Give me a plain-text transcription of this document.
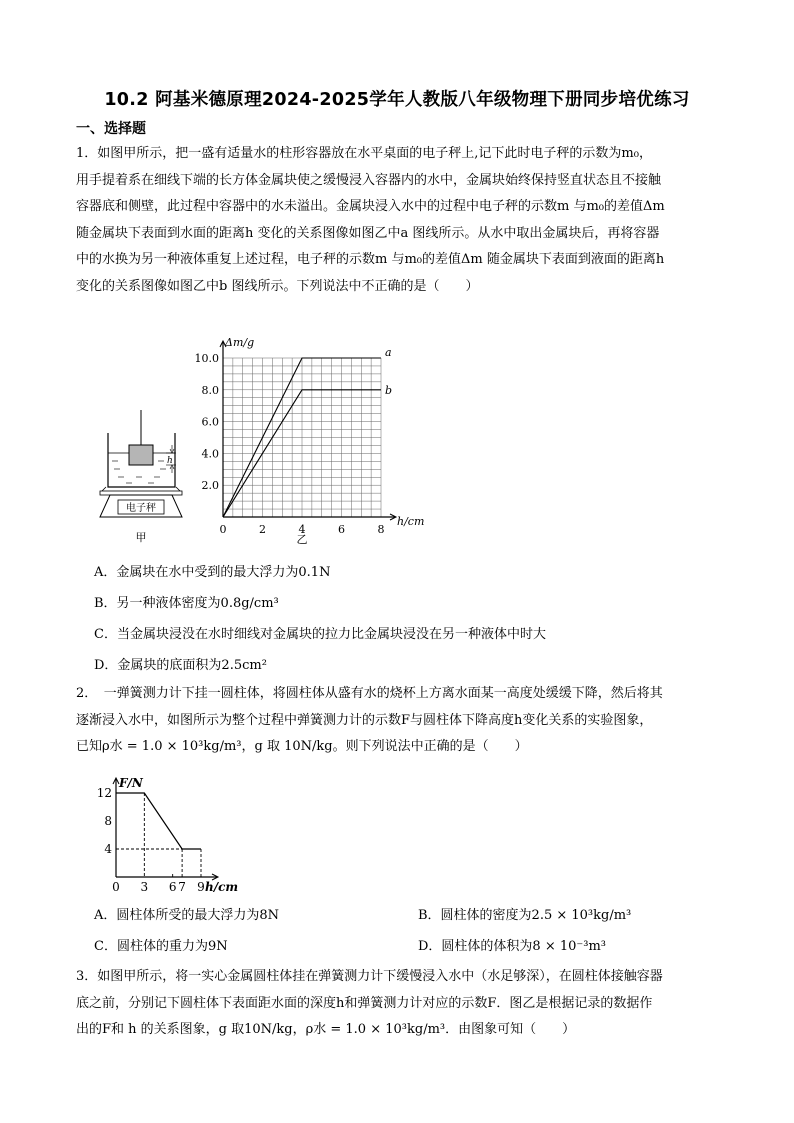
10.2 阿基米德原理2024-2025学年人教版八年级物理下册同步培优练习
一、选择题
1．如图甲所示，把一盛有适量水的柱形容器放在水平桌面的电子秤上,记下此时电子秤的示数为m₀，
用手提着系在细线下端的长方体金属块使之缓慢浸入容器内的水中，金属块始终保持竖直状态且不接触
容器底和侧壁，此过程中容器中的水未溢出。金属块浸入水中的过程中电子秤的示数m 与m₀的差值Δm
随金属块下表面到水面的距离h 变化的关系图像如图乙中a 图线所示。从水中取出金属块后，再将容器
中的水换为另一种液体重复上述过程，电子秤的示数m 与m₀的差值Δm 随金属块下表面到液面的距离h
变化的关系图像如图乙中b 图线所示。下列说法中不正确的是（　　）
h
电子秤
甲
0	2	4	6	8
2.0
4.0
6.0
8.0
10.0
h/cm
Δm/g
a
b
乙
A．金属块在水中受到的最大浮力为0.1N
B．另一种液体密度为0.8g/cm³
C．当金属块浸没在水时细线对金属块的拉力比金属块浸没在另一种液体中时大
D．金属块的底面积为2.5cm²
2．　一弹簧测力计下挂一圆柱体，将圆柱体从盛有水的烧杯上方离水面某一高度处缓缓下降，然后将其
逐渐浸入水中，如图所示为整个过程中弹簧测力计的示数F与圆柱体下降高度h变化关系的实验图象，
已知ρ水 = 1.0 × 10³kg/m³，g 取 10N/kg。则下列说法中正确的是（　　）
0 3 6 7 9
4
8
12
h/cm
F/N
A．圆柱体所受的最大浮力为8N	B．圆柱体的密度为2.5 × 10³kg/m³
C．圆柱体的重力为9N	D．圆柱体的体积为8 × 10⁻³m³
3．如图甲所示，将一实心金属圆柱体挂在弹簧测力计下缓慢浸入水中（水足够深），在圆柱体接触容器
底之前，分别记下圆柱体下表面距水面的深度h和弹簧测力计对应的示数F．图乙是根据记录的数据作
出的F和 h 的关系图象，g 取10N/kg，ρ水 = 1.0 × 10³kg/m³．由图象可知（　　）
